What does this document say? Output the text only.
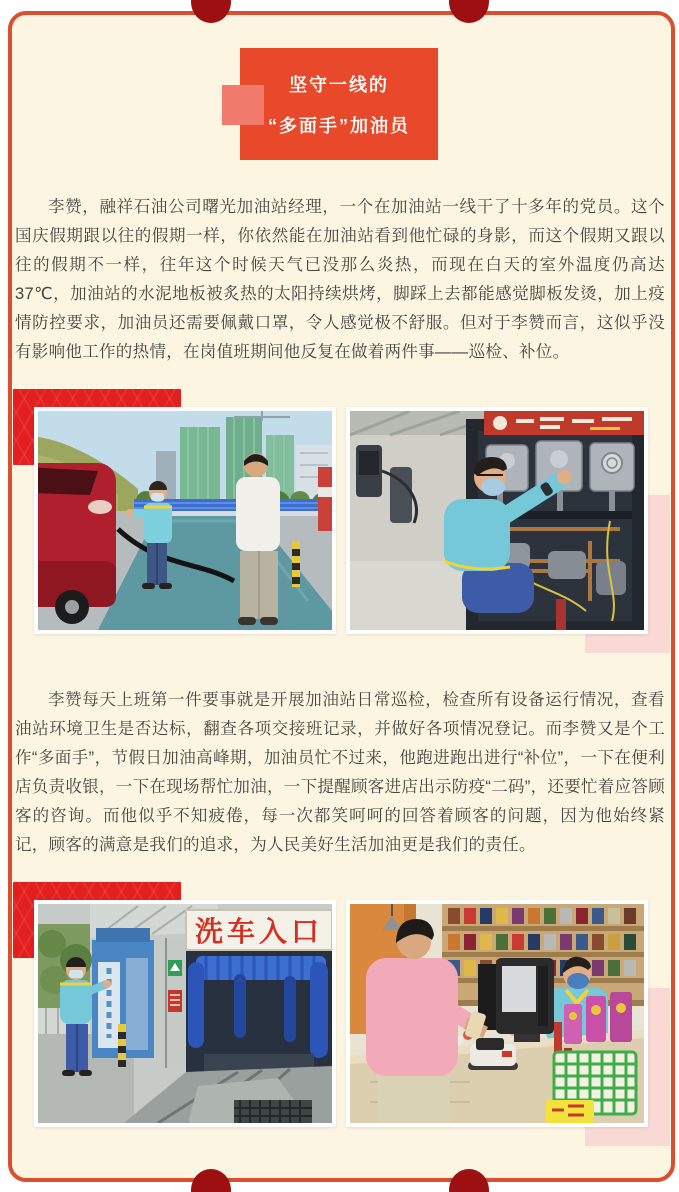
坚守一线的
“多面手”加油员

李赞，融祥石油公司曙光加油站经理，一个在加油站一线干了十多年的党员。这个国庆假期跟以往的假期一样，你依然能在加油站看到他忙碌的身影，而这个假期又跟以往的假期不一样，往年这个时候天气已没那么炎热，而现在白天的室外温度仍高达37℃，加油站的水泥地板被炙热的太阳持续烘烤，脚踩上去都能感觉脚板发烫，加上疫情防控要求，加油员还需要佩戴口罩，令人感觉极不舒服。但对于李赞而言，这似乎没有影响他工作的热情，在岗值班期间他反复在做着两件事——巡检、补位。

李赞每天上班第一件要事就是开展加油站日常巡检，检查所有设备运行情况，查看油站环境卫生是否达标，翻查各项交接班记录，并做好各项情况登记。而李赞又是个工作“多面手”，节假日加油高峰期，加油员忙不过来，他跑进跑出进行“补位”，一下在便利店负责收银，一下在现场帮忙加油，一下提醒顾客进店出示防疫“二码”，还要忙着应答顾客的咨询。而他似乎不知疲倦，每一次都笑呵呵的回答着顾客的问题，因为他始终紧记，顾客的满意是我们的追求，为人民美好生活加油更是我们的责任。

洗车入口
